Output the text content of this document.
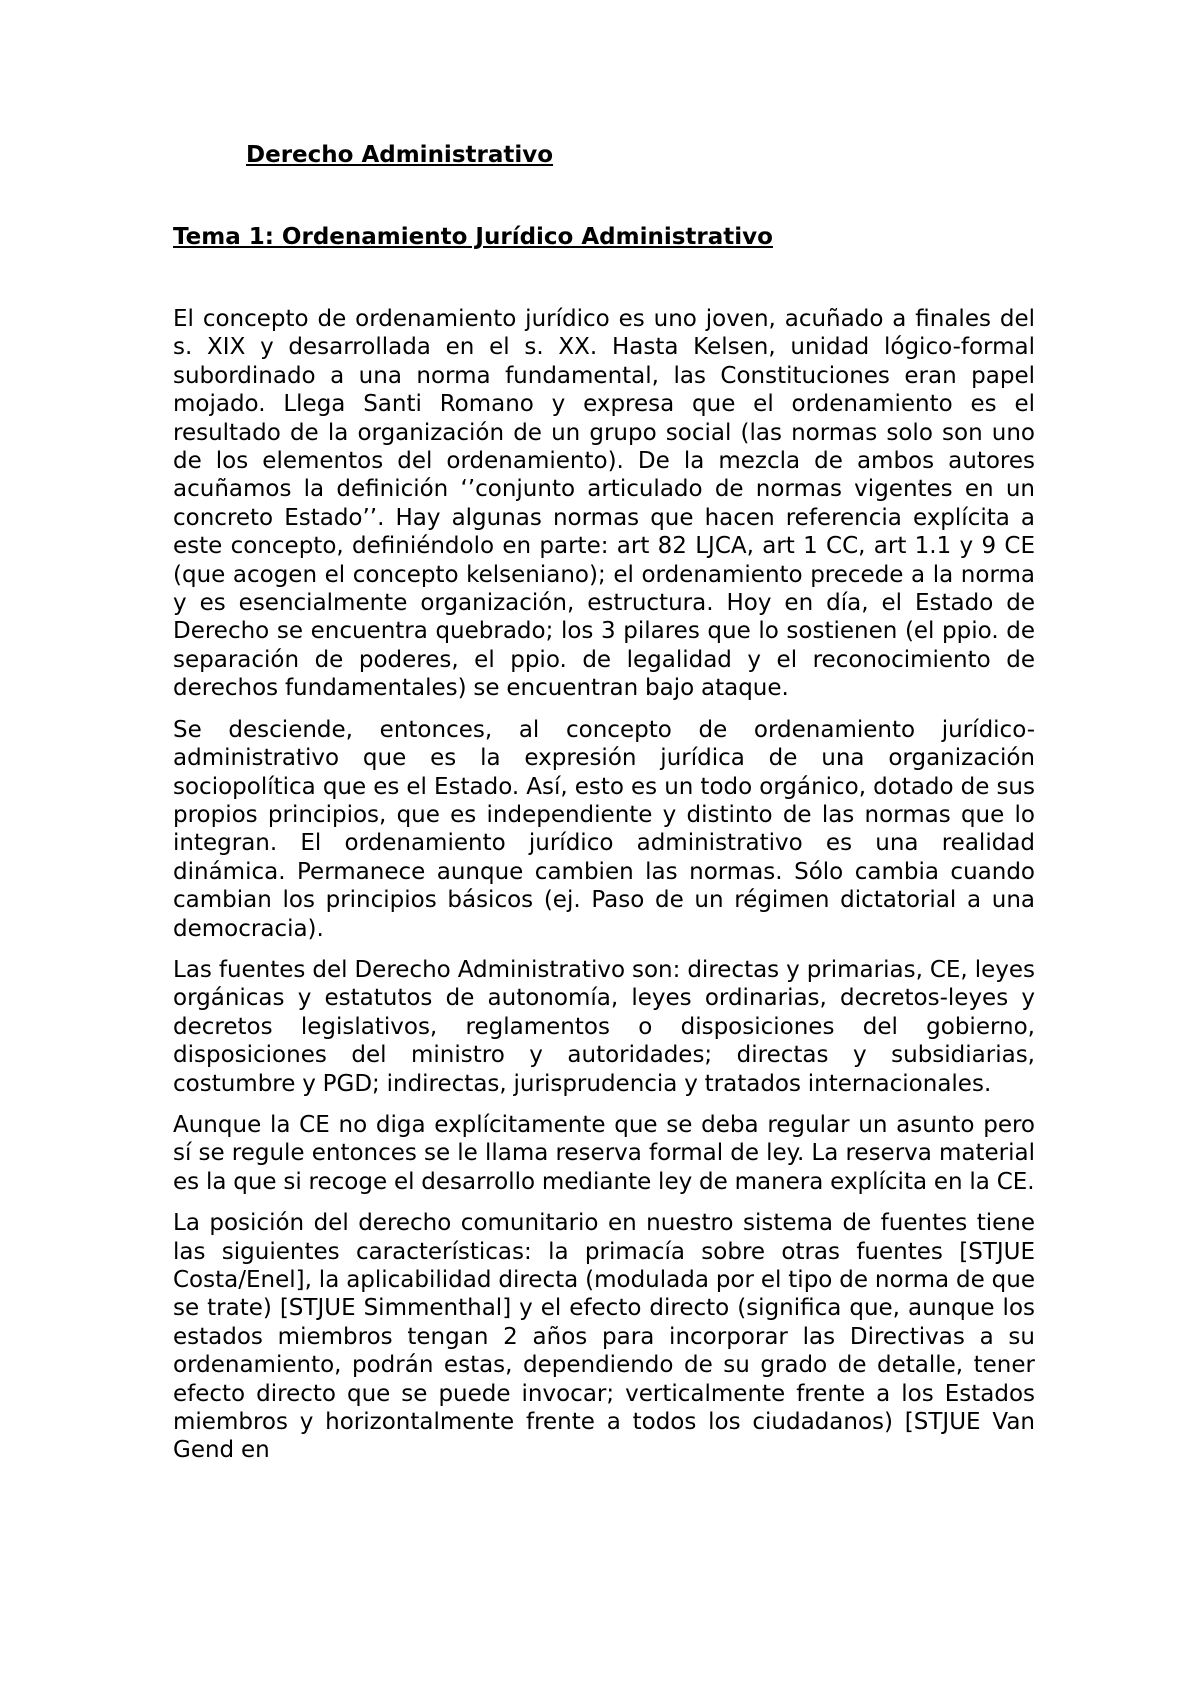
Derecho Administrativo
Tema 1: Ordenamiento Jurídico Administrativo

El concepto de ordenamiento jurídico es uno joven, acuñado a finales del s. XIX y desarrollada en el s. XX. Hasta Kelsen, unidad lógico-formal subordinado a una norma fundamental, las Constituciones eran papel mojado. Llega Santi Romano y expresa que el ordenamiento es el resultado de la organización de un grupo social (las normas solo son uno de los elementos del ordenamiento). De la mezcla de ambos autores acuñamos la definición ‘’conjunto articulado de normas vigentes en un concreto Estado’’. Hay algunas normas que hacen referencia explícita a este concepto, definiéndolo en parte: art 82 LJCA, art 1 CC, art 1.1 y 9 CE (que acogen el concepto kelseniano); el ordenamiento precede a la norma y es esencialmente organización, estructura. Hoy en día, el Estado de Derecho se encuentra quebrado; los 3 pilares que lo sostienen (el ppio. de separación de poderes, el ppio. de legalidad y el reconocimiento de derechos fundamentales) se encuentran bajo ataque.

Se desciende, entonces, al concepto de ordenamiento jurídico-administrativo que es la expresión jurídica de una organización sociopolítica que es el Estado. Así, esto es un todo orgánico, dotado de sus propios principios, que es independiente y distinto de las normas que lo integran. El ordenamiento jurídico administrativo es una realidad dinámica. Permanece aunque cambien las normas. Sólo cambia cuando cambian los principios básicos (ej. Paso de un régimen dictatorial a una democracia).

Las fuentes del Derecho Administrativo son: directas y primarias, CE, leyes orgánicas y estatutos de autonomía, leyes ordinarias, decretos-leyes y decretos legislativos, reglamentos o disposiciones del gobierno, disposiciones del ministro y autoridades; directas y subsidiarias, costumbre y PGD; indirectas, jurisprudencia y tratados internacionales.

Aunque la CE no diga explícitamente que se deba regular un asunto pero sí se regule entonces se le llama reserva formal de ley. La reserva material es la que si recoge el desarrollo mediante ley de manera explícita en la CE.

La posición del derecho comunitario en nuestro sistema de fuentes tiene las siguientes características: la primacía sobre otras fuentes [STJUE Costa/Enel], la aplicabilidad directa (modulada por el tipo de norma de que se trate) [STJUE Simmenthal] y el efecto directo (significa que, aunque los estados miembros tengan 2 años para incorporar las Directivas a su ordenamiento, podrán estas, dependiendo de su grado de detalle, tener efecto directo que se puede invocar; verticalmente frente a los Estados miembros y horizontalmente frente a todos los ciudadanos) [STJUE Van Gend en
